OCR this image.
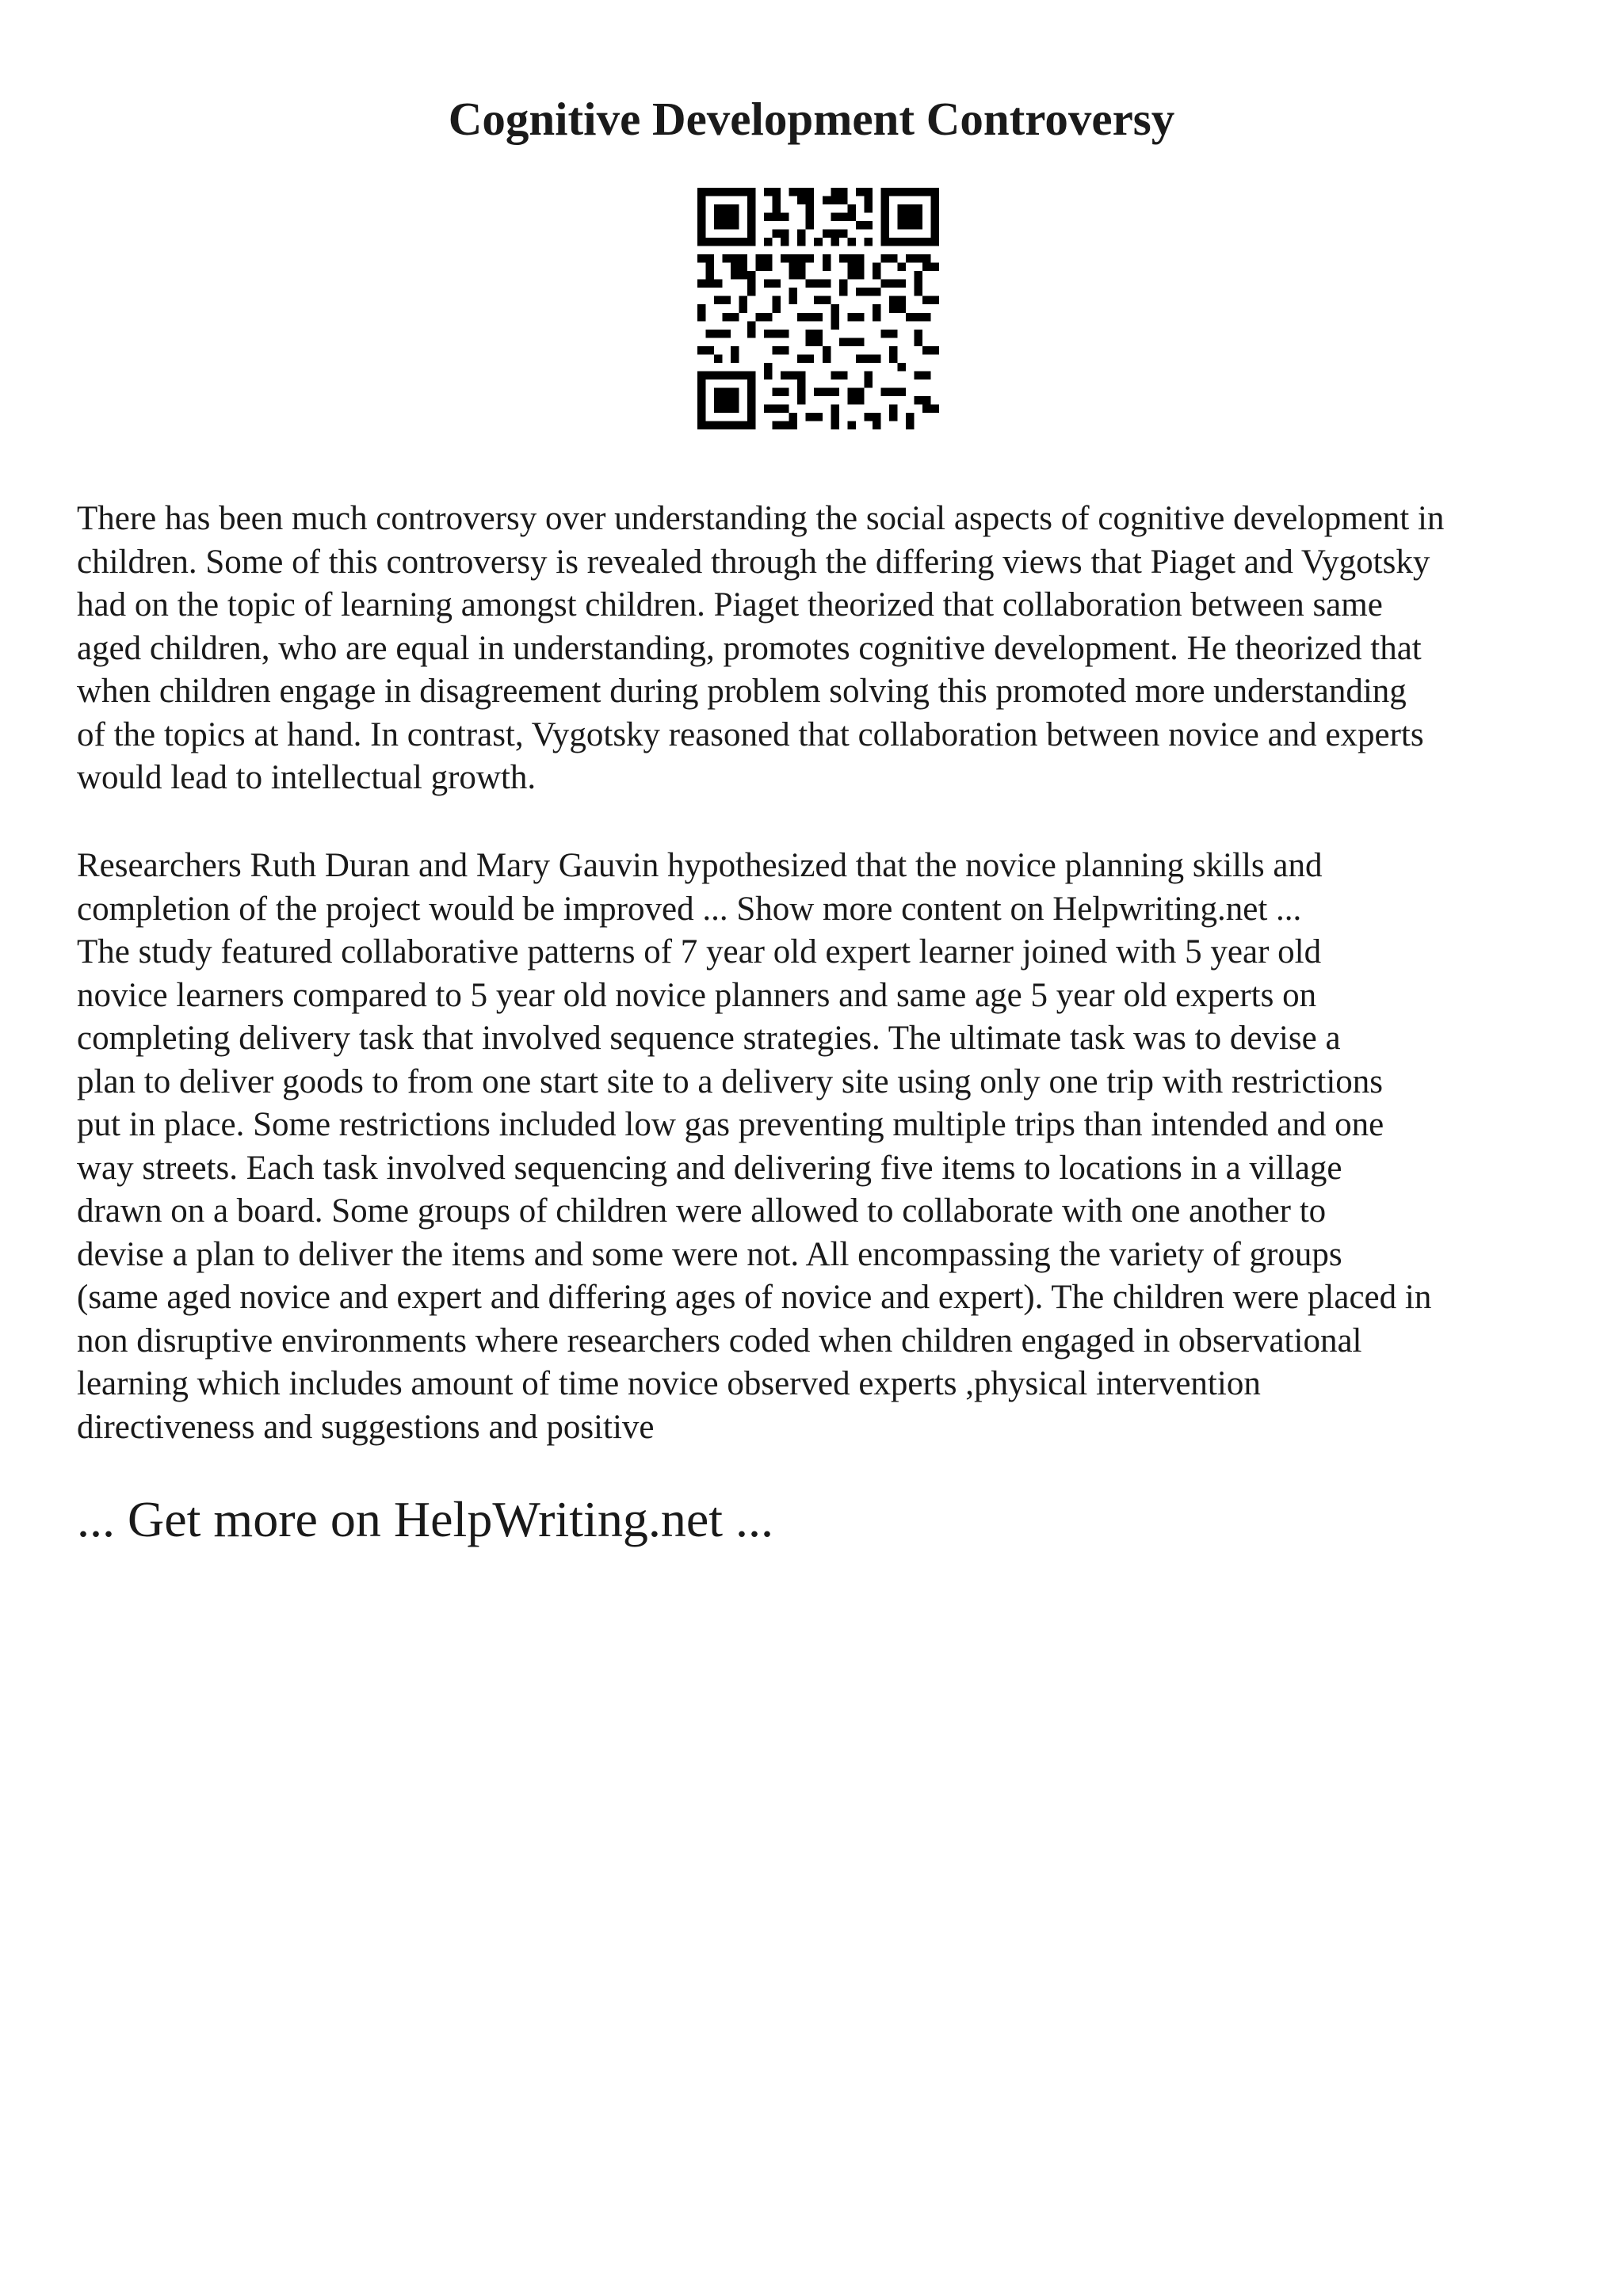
Cognitive Development Controversy
There has been much controversy over understanding the social aspects of cognitive development in
children. Some of this controversy is revealed through the differing views that Piaget and Vygotsky
had on the topic of learning amongst children. Piaget theorized that collaboration between same
aged children, who are equal in understanding, promotes cognitive development. He theorized that
when children engage in disagreement during problem solving this promoted more understanding
of the topics at hand. In contrast, Vygotsky reasoned that collaboration between novice and experts
would lead to intellectual growth.
Researchers Ruth Duran and Mary Gauvin hypothesized that the novice planning skills and
completion of the project would be improved ... Show more content on Helpwriting.net ...
The study featured collaborative patterns of 7 year old expert learner joined with 5 year old
novice learners compared to 5 year old novice planners and same age 5 year old experts on
completing delivery task that involved sequence strategies. The ultimate task was to devise a
plan to deliver goods to from one start site to a delivery site using only one trip with restrictions
put in place. Some restrictions included low gas preventing multiple trips than intended and one
way streets. Each task involved sequencing and delivering five items to locations in a village
drawn on a board. Some groups of children were allowed to collaborate with one another to
devise a plan to deliver the items and some were not. All encompassing the variety of groups
(same aged novice and expert and differing ages of novice and expert). The children were placed in
non disruptive environments where researchers coded when children engaged in observational
learning which includes amount of time novice observed experts ,physical intervention
directiveness and suggestions and positive

... Get more on HelpWriting.net ...
